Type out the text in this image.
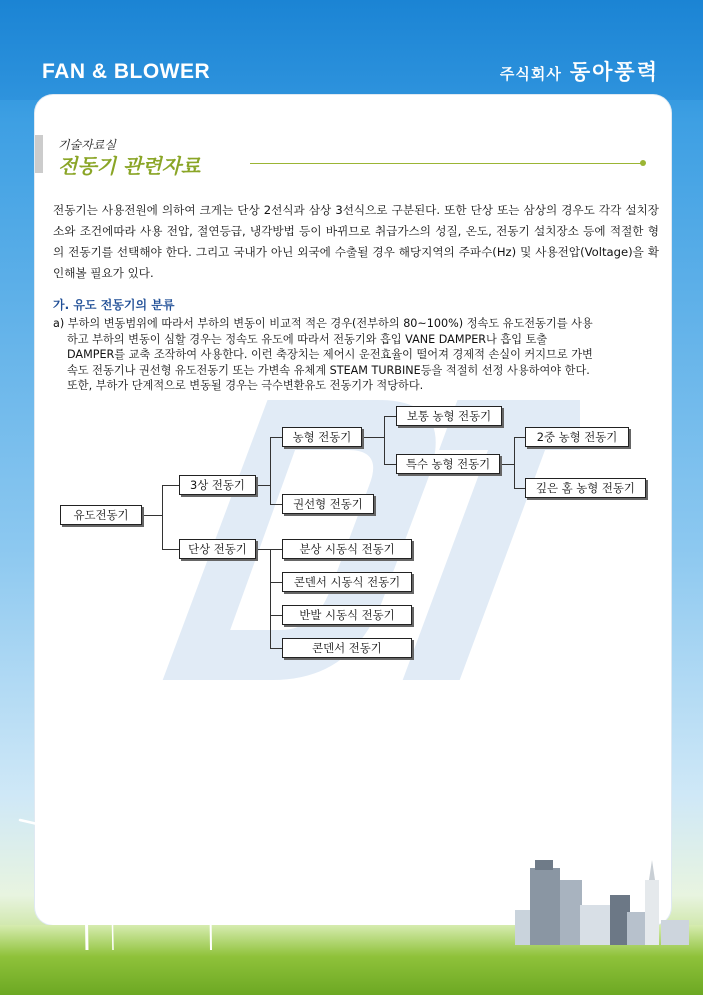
FAN & BLOWER	주식회사 동아풍력
기술자료실
전동기 관련자료
전동기는 사용전원에 의하여 크게는 단상 2선식과 삼상 3선식으로 구분된다. 또한 단상 또는 삼상의 경우도 각각 설치장소와 조건에따라 사용 전압, 절연등급, 냉각방법 등이 바뀌므로 취급가스의 성질, 온도, 전동기 설치장소 등에 적절한 형의 전동기를 선택해야 한다. 그리고 국내가 아닌 외국에 수출될 경우 해당지역의 주파수(Hz) 및 사용전압(Voltage)을 확인해볼 필요가 있다.
가. 유도 전동기의 분류
a) 부하의 변동범위에 따라서 부하의 변동이 비교적 적은 경우(전부하의 80~100%) 정속도 유도전동기를 사용
하고 부하의 변동이 심할 경우는 정속도 유도에 따라서 전동기와 흡입 VANE DAMPER나 흡입 토출
DAMPER를 교축 조작하여 사용한다. 이런 축장치는 제어시 운전효율이 떨어져 경제적 손실이 커지므로 가변
속도 전동기나 권선형 유도전동기 또는 가변속 유체계 STEAM TURBINE등을 적절히 선정 사용하여야 한다.
또한, 부하가 단계적으로 변동될 경우는 극수변환유도 전동기가 적당하다.
유도전동기
3상 전동기
단상 전동기
농형 전동기
권선형 전동기
보통 농형 전동기
특수 농형 전동기
2중 농형 전동기
깊은 홈 농형 전동기
분상 시동식 전동기
콘덴서 시동식 전동기
반발 시동식 전동기
콘덴서 전동기
